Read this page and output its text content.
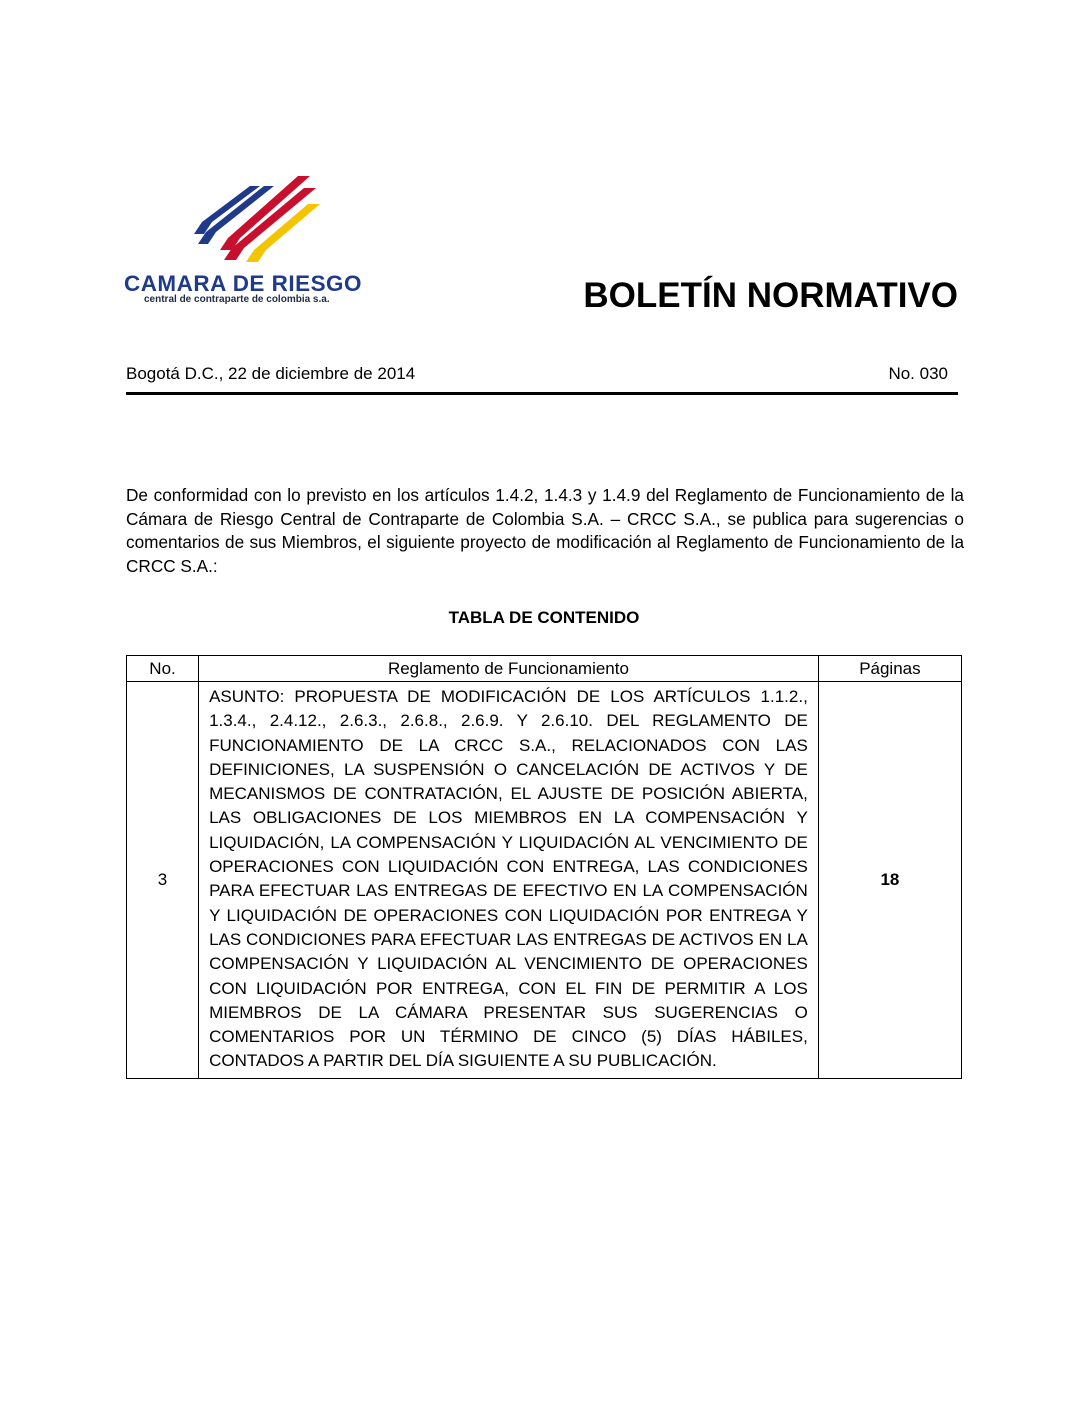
CAMARA DE RIESGO
central de contraparte de colombia s.a.	BOLETÍN NORMATIVO
Bogotá D.C., 22 de diciembre de 2014	No. 030

De conformidad con lo previsto en los artículos 1.4.2, 1.4.3 y 1.4.9 del Reglamento de Funcionamiento de la Cámara de Riesgo Central de Contraparte de Colombia S.A. – CRCC S.A., se publica para sugerencias o comentarios de sus Miembros, el siguiente proyecto de modificación al Reglamento de Funcionamiento de la CRCC S.A.:

TABLA DE CONTENIDO
No.	Reglamento de Funcionamiento	Páginas
3	ASUNTO: PROPUESTA DE MODIFICACIÓN DE LOS ARTÍCULOS 1.1.2., 1.3.4., 2.4.12., 2.6.3., 2.6.8., 2.6.9. Y 2.6.10. DEL REGLAMENTO DE FUNCIONAMIENTO DE LA CRCC S.A., RELACIONADOS CON LAS DEFINICIONES, LA SUSPENSIÓN O CANCELACIÓN DE ACTIVOS Y DE MECANISMOS DE CONTRATACIÓN, EL AJUSTE DE POSICIÓN ABIERTA, LAS OBLIGACIONES DE LOS MIEMBROS EN LA COMPENSACIÓN Y LIQUIDACIÓN, LA COMPENSACIÓN Y LIQUIDACIÓN AL VENCIMIENTO DE OPERACIONES CON LIQUIDACIÓN CON ENTREGA, LAS CONDICIONES PARA EFECTUAR LAS ENTREGAS DE EFECTIVO EN LA COMPENSACIÓN Y LIQUIDACIÓN DE OPERACIONES CON LIQUIDACIÓN POR ENTREGA Y LAS CONDICIONES PARA EFECTUAR LAS ENTREGAS DE ACTIVOS EN LA COMPENSACIÓN Y LIQUIDACIÓN AL VENCIMIENTO DE OPERACIONES CON LIQUIDACIÓN POR ENTREGA, CON EL FIN DE PERMITIR A LOS MIEMBROS DE LA CÁMARA PRESENTAR SUS SUGERENCIAS O COMENTARIOS POR UN TÉRMINO DE CINCO (5) DÍAS HÁBILES, CONTADOS A PARTIR DEL DÍA SIGUIENTE A SU PUBLICACIÓN.	18
